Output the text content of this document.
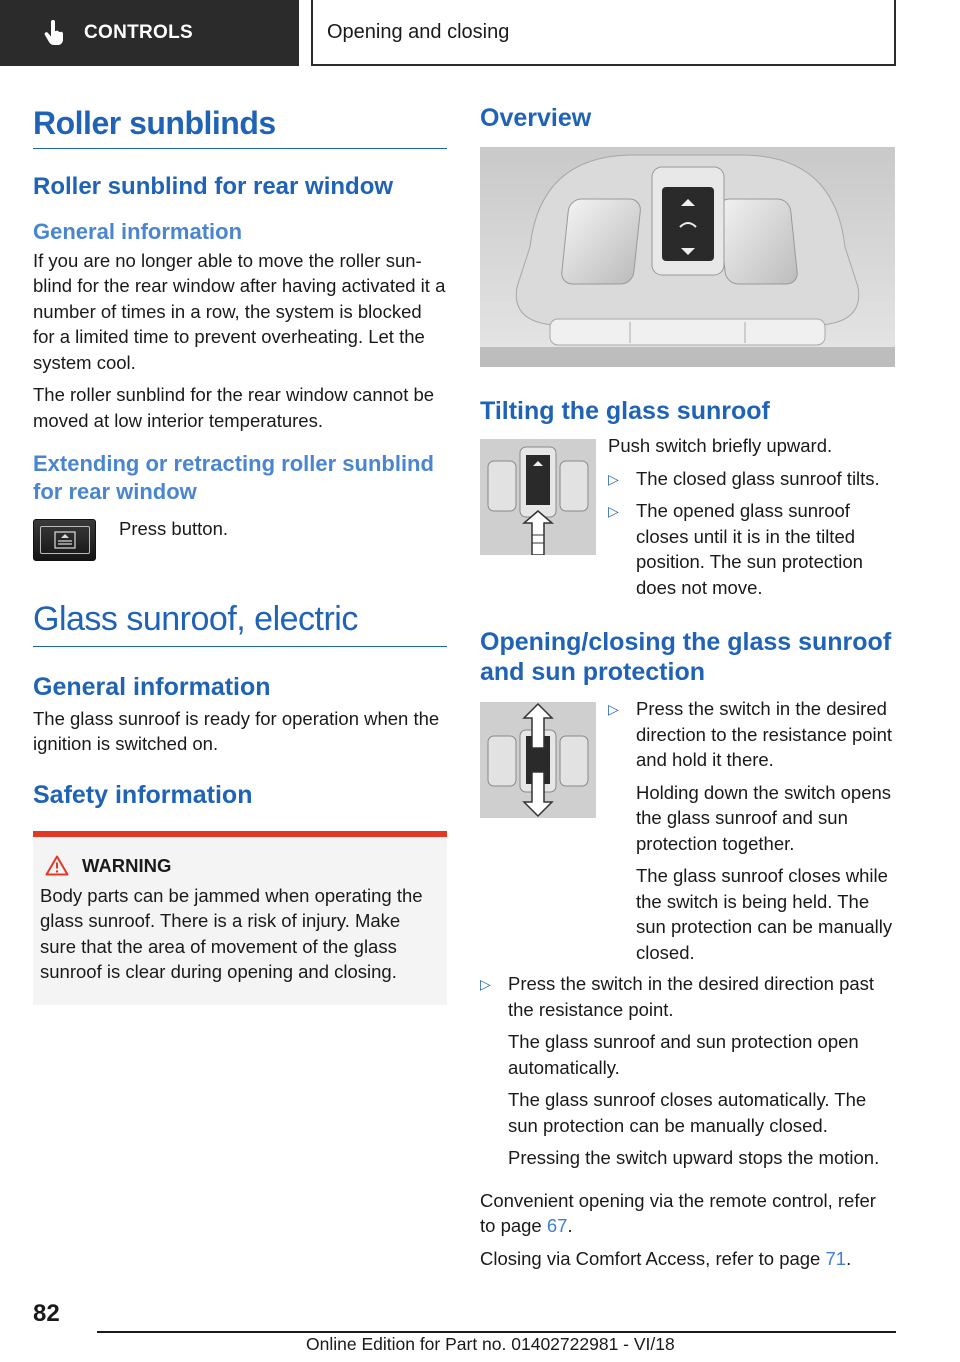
CONTROLS	Opening and closing
Roller sunblinds
Roller sunblind for rear window
General information
If you are no longer able to move the roller sun-blind for the rear window after having activated it a number of times in a row, the system is blocked for a limited time to prevent overheating. Let the system cool.
The roller sunblind for the rear window cannot be moved at low interior temperatures.
Extending or retracting roller sunblind for rear window
Press button.
Glass sunroof, electric
General information
The glass sunroof is ready for operation when the ignition is switched on.
Safety information
WARNING
Body parts can be jammed when operating the glass sunroof. There is a risk of injury. Make sure that the area of movement of the glass sunroof is clear during opening and closing.
Overview
Tilting the glass sunroof
Push switch briefly upward.
▷ The closed glass sunroof tilts.
▷ The opened glass sunroof closes until it is in the tilted position. The sun protection does not move.
Opening/closing the glass sunroof and sun protection
▷ Press the switch in the desired direction to the resistance point and hold it there.
Holding down the switch opens the glass sunroof and sun protection together.
The glass sunroof closes while the switch is being held. The sun protection can be manually closed.
▷ Press the switch in the desired direction past the resistance point.
The glass sunroof and sun protection open automatically.
The glass sunroof closes automatically. The sun protection can be manually closed.
Pressing the switch upward stops the motion.
Convenient opening via the remote control, refer to page 67.
Closing via Comfort Access, refer to page 71.
82
Online Edition for Part no. 01402722981 - VI/18
